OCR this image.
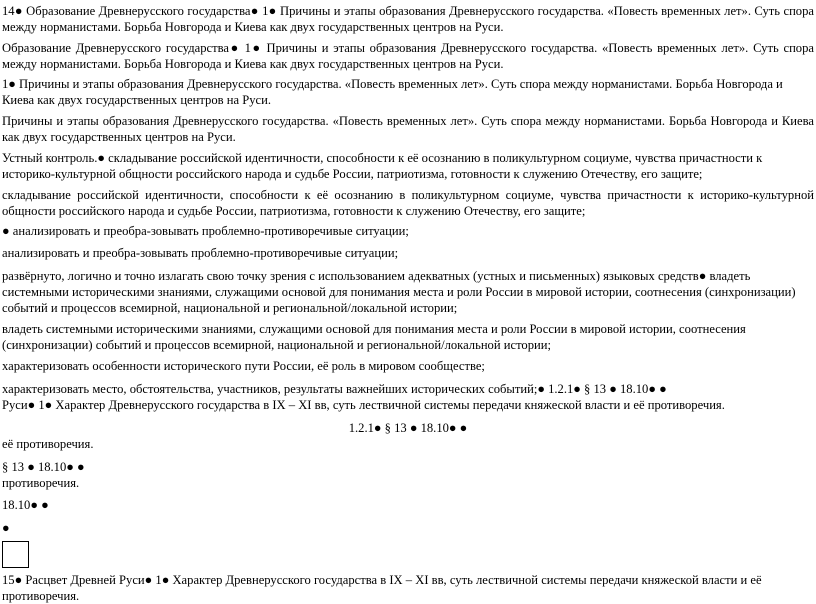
14● Образование Древнерусского государства● 1● Причины и этапы образования Древнерусского государства. «Повесть временных лет». Суть спора между норманистами. Борьба Новгорода и Киева как двух государственных центров на Руси.

Образование Древнерусского государства● 1● Причины и этапы образования Древнерусского государства. «Повесть временных лет». Суть спора между норманистами. Борьба Новгорода и Киева как двух государственных центров на Руси.

1● Причины и этапы образования Древнерусского государства. «Повесть временных лет». Суть спора между норманистами. Борьба Новгорода и Киева как двух государственных центров на Руси.

Причины и этапы образования Древнерусского государства. «Повесть временных лет». Суть спора между норманистами. Борьба Новгорода и Киева как двух государственных центров на Руси.

Устный контроль.● складывание российской идентичности, способности к её осознанию в поликультурном социуме, чувства причастности к историко-культурной общности российского народа и судьбе России, патриотизма, готовности к служению Отечеству, его защите;

складывание российской идентичности, способности к её осознанию в поликультурном социуме, чувства причастности к историко-культурной общности российского народа и судьбе России, патриотизма, готовности к служению Отечеству, его защите;

● анализировать и преобра-зовывать проблемно-противоречивые ситуации;

анализировать и преобра-зовывать проблемно-противоречивые ситуации;

развёрнуто, логично и точно излагать свою точку зрения с использованием адекватных (устных и письменных) языковых средств● владеть системными историческими знаниями, служащими основой для понимания места и роли России в мировой истории, соотнесения (синхронизации) событий и процессов всемирной, национальной и региональной/локальной истории;

владеть системными историческими знаниями, служащими основой для понимания места и роли России в мировой истории, соотнесения (синхронизации) событий и процессов всемирной, национальной и региональной/локальной истории;

характеризовать особенности исторического пути России, её роль в мировом сообществе;

характеризовать место, обстоятельства, участников, результаты важнейших исторических событий;● 1.2.1● § 13 ● 18.10● ●

Руси● 1● Характер Древнерусского государства в IX – XI вв, суть лествичной системы передачи княжеской власти и её противоречия.

1.2.1● § 13 ● 18.10● ●

её противоречия.

§ 13 ● 18.10● ●

противоречия.

18.10● ●

●

15● Расцвет Древней Руси● 1● Характер Древнерусского государства в IX – XI вв, суть лествичной системы передачи княжеской власти и её противоречия.
